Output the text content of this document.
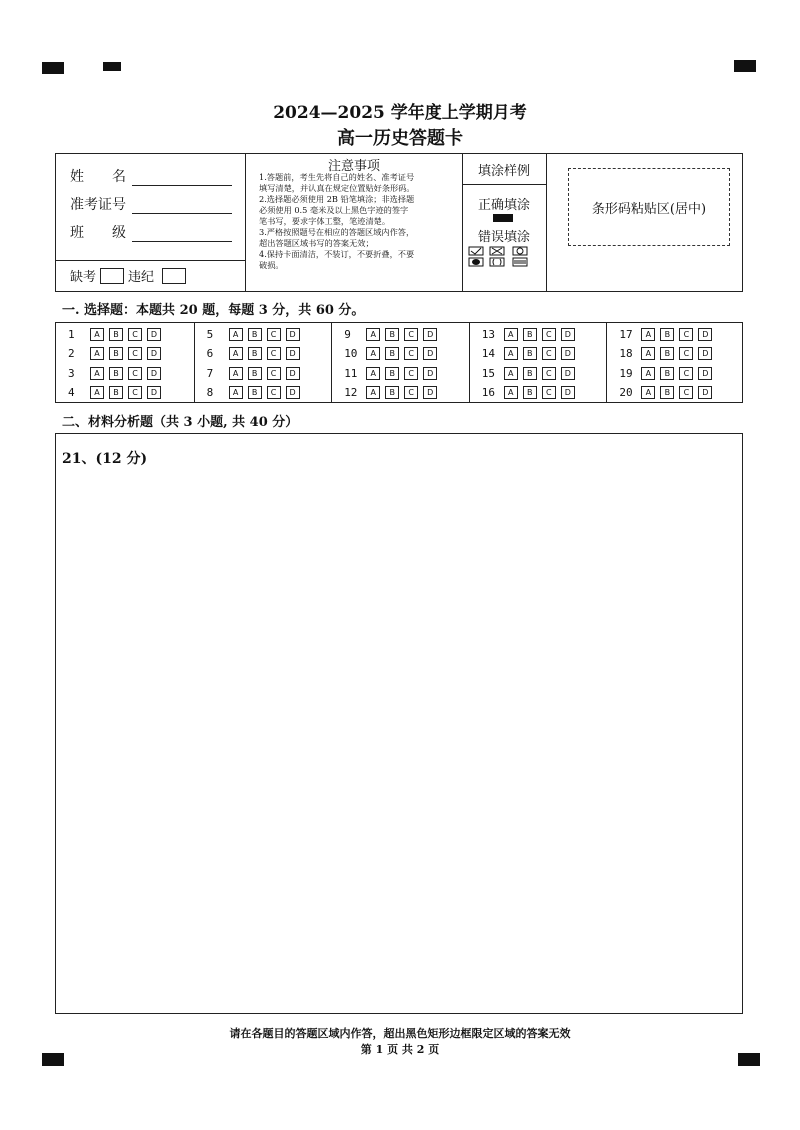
2024—2025 学年度上学期月考
高一历史答题卡
姓　　名
准考证号
班　　级
缺考 违纪
注意事项
1.答题前，考生先将自己的姓名、准考证号
填写清楚，并认真在规定位置贴好条形码。
2.选择题必须使用 2B 铅笔填涂；非选择题
必须使用 0.5 毫米及以上黑色字迹的签字
笔书写，要求字体工整，笔迹清楚。
3.严格按照题号在相应的答题区域内作答，
超出答题区域书写的答案无效；
4.保持卡面清洁，不装订，不要折叠，不要
破损。
填涂样例
正确填涂
错误填涂
条形码粘贴区(居中)
一. 选择题：本题共 20 题，每题 3 分，共 60 分。
1	A	B	C	D
2	A	B	C	D
3	A	B	C	D
4	A	B	C	D
5	A	B	C	D
6	A	B	C	D
7	A	B	C	D
8	A	B	C	D
9	A	B	C	D
10	A	B	C	D
11	A	B	C	D
12	A	B	C	D
13	A	B	C	D
14	A	B	C	D
15	A	B	C	D
16	A	B	C	D
17	A	B	C	D
18	A	B	C	D
19	A	B	C	D
20	A	B	C	D
二、材料分析题（共 3 小题, 共 40 分）
21、(12 分)
请在各题目的答题区域内作答，超出黑色矩形边框限定区域的答案无效
第 1 页 共 2 页
